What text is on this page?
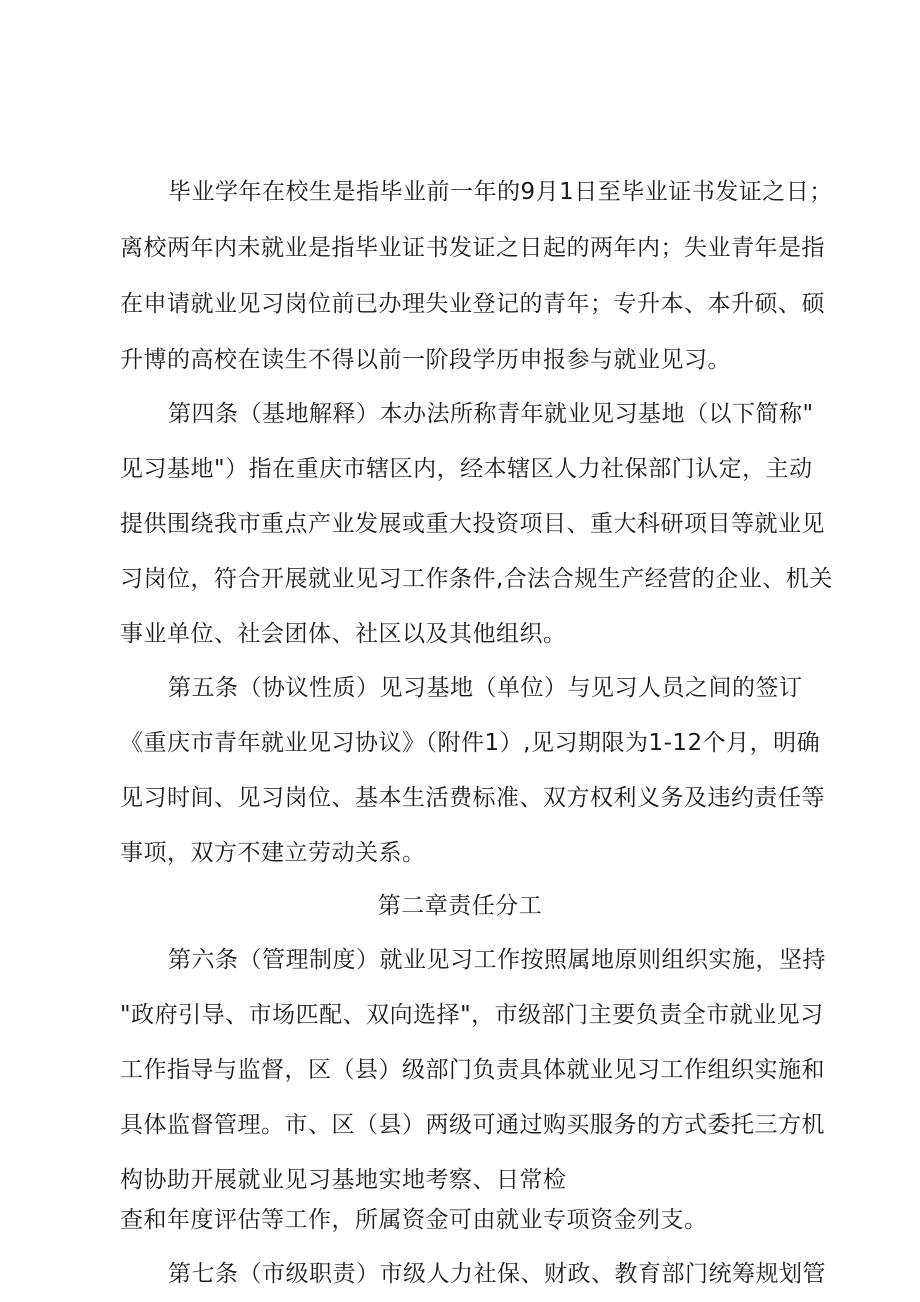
毕业学年在校生是指毕业前一年的9月1日至毕业证书发证之日；
离校两年内未就业是指毕业证书发证之日起的两年内；失业青年是指
在申请就业见习岗位前已办理失业登记的青年；专升本、本升硕、硕
升博的高校在读生不得以前一阶段学历申报参与就业见习。
第四条（基地解释）本办法所称青年就业见习基地（以下简称"
见习基地"）指在重庆市辖区内，经本辖区人力社保部门认定，主动
提供围绕我市重点产业发展或重大投资项目、重大科研项目等就业见
习岗位，符合开展就业见习工作条件,合法合规生产经营的企业、机关
事业单位、社会团体、社区以及其他组织。
第五条（协议性质）见习基地（单位）与见习人员之间的签订
《重庆市青年就业见习协议》（附件1）,见习期限为1-12个月，明确
见习时间、见习岗位、基本生活费标准、双方权利义务及违约责任等
事项，双方不建立劳动关系。
第二章责任分工
第六条（管理制度）就业见习工作按照属地原则组织实施，坚持
"政府引导、市场匹配、双向选择"，市级部门主要负责全市就业见习
工作指导与监督，区（县）级部门负责具体就业见习工作组织实施和
具体监督管理。市、区（县）两级可通过购买服务的方式委托三方机
构协助开展就业见习基地实地考察、日常检
查和年度评估等工作，所属资金可由就业专项资金列支。
第七条（市级职责）市级人力社保、财政、教育部门统筹规划管
